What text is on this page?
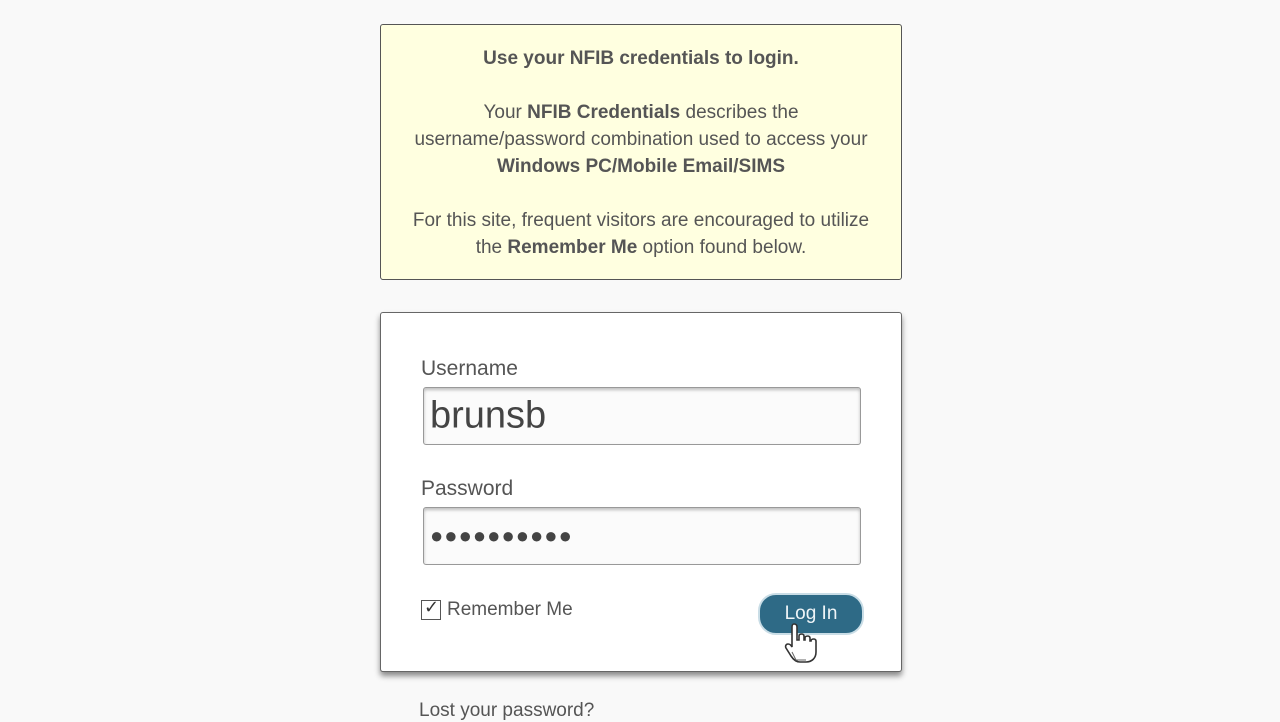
Use your NFIB credentials to login.

Your NFIB Credentials describes the username/password combination used to access your Windows PC/Mobile Email/SIMS

For this site, frequent visitors are encouraged to utilize the Remember Me option found below.

Username
brunsb
Password
●●●●●●●●●●
✓ Remember Me	Log In
Lost your password?
